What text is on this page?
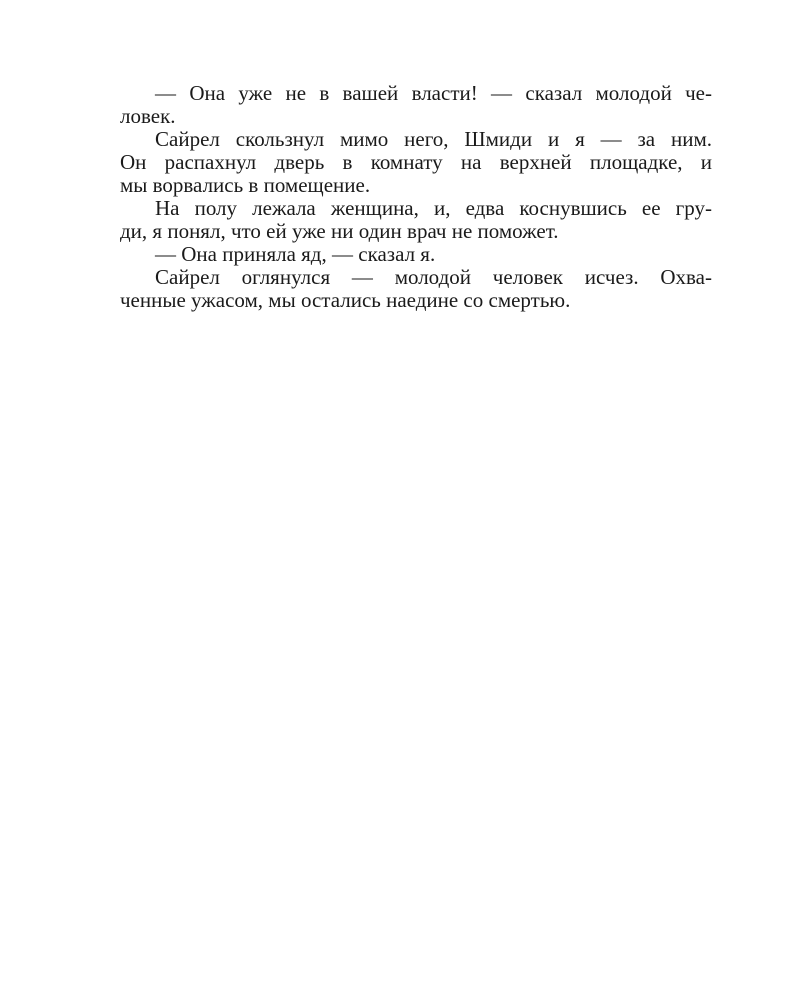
— Она уже не в вашей власти! — сказал молодой че-
ловек.
Сайрел скользнул мимо него, Шмиди и я — за ним.
Он распахнул дверь в комнату на верхней площадке, и
мы ворвались в помещение.
На полу лежала женщина, и, едва коснувшись ее гру-
ди, я понял, что ей уже ни один врач не поможет.
— Она приняла яд, — сказал я.
Сайрел оглянулся — молодой человек исчез. Охва-
ченные ужасом, мы остались наедине со смертью.
